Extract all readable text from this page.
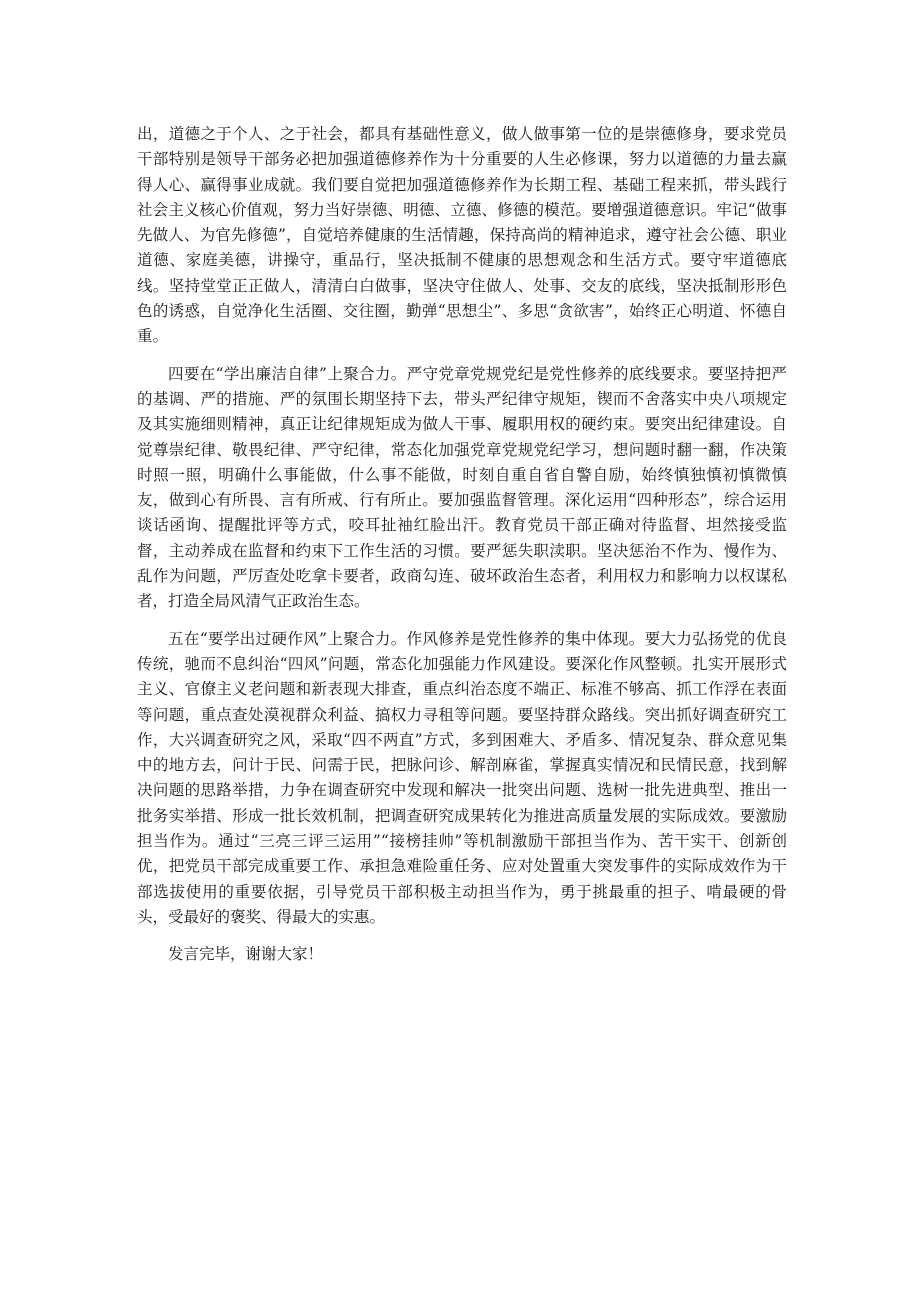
出，道德之于个人、之于社会，都具有基础性意义，做人做事第一位的是崇德修身，要求党员干部特别是领导干部务必把加强道德修养作为十分重要的人生必修课，努力以道德的力量去赢得人心、赢得事业成就。我们要自觉把加强道德修养作为长期工程、基础工程来抓，带头践行社会主义核心价值观，努力当好崇德、明德、立德、修德的模范。要增强道德意识。牢记“做事先做人、为官先修德”，自觉培养健康的生活情趣，保持高尚的精神追求，遵守社会公德、职业道德、家庭美德，讲操守，重品行，坚决抵制不健康的思想观念和生活方式。要守牢道德底线。坚持堂堂正正做人，清清白白做事，坚决守住做人、处事、交友的底线，坚决抵制形形色色的诱惑，自觉净化生活圈、交往圈，勤弹“思想尘”、多思“贪欲害”，始终正心明道、怀德自重。

四要在“学出廉洁自律”上聚合力。严守党章党规党纪是党性修养的底线要求。要坚持把严的基调、严的措施、严的氛围长期坚持下去，带头严纪律守规矩，锲而不舍落实中央八项规定及其实施细则精神，真正让纪律规矩成为做人干事、履职用权的硬约束。要突出纪律建设。自觉尊崇纪律、敬畏纪律、严守纪律，常态化加强党章党规党纪学习，想问题时翻一翻，作决策时照一照，明确什么事能做，什么事不能做，时刻自重自省自警自励，始终慎独慎初慎微慎友，做到心有所畏、言有所戒、行有所止。要加强监督管理。深化运用“四种形态”，综合运用谈话函询、提醒批评等方式，咬耳扯袖红脸出汗。教育党员干部正确对待监督、坦然接受监督，主动养成在监督和约束下工作生活的习惯。要严惩失职渎职。坚决惩治不作为、慢作为、乱作为问题，严厉查处吃拿卡要者，政商勾连、破坏政治生态者，利用权力和影响力以权谋私者，打造全局风清气正政治生态。

五在“要学出过硬作风”上聚合力。作风修养是党性修养的集中体现。要大力弘扬党的优良传统，驰而不息纠治“四风”问题，常态化加强能力作风建设。要深化作风整顿。扎实开展形式主义、官僚主义老问题和新表现大排查，重点纠治态度不端正、标准不够高、抓工作浮在表面等问题，重点查处漠视群众利益、搞权力寻租等问题。要坚持群众路线。突出抓好调查研究工作，大兴调查研究之风，采取“四不两直”方式，多到困难大、矛盾多、情况复杂、群众意见集中的地方去，问计于民、问需于民，把脉问诊、解剖麻雀，掌握真实情况和民情民意，找到解决问题的思路举措，力争在调查研究中发现和解决一批突出问题、选树一批先进典型、推出一批务实举措、形成一批长效机制，把调查研究成果转化为推进高质量发展的实际成效。要激励担当作为。通过“三亮三评三运用”“接榜挂帅”等机制激励干部担当作为、苦干实干、创新创优，把党员干部完成重要工作、承担急难险重任务、应对处置重大突发事件的实际成效作为干部选拔使用的重要依据，引导党员干部积极主动担当作为，勇于挑最重的担子、啃最硬的骨头，受最好的褒奖、得最大的实惠。

发言完毕，谢谢大家！
